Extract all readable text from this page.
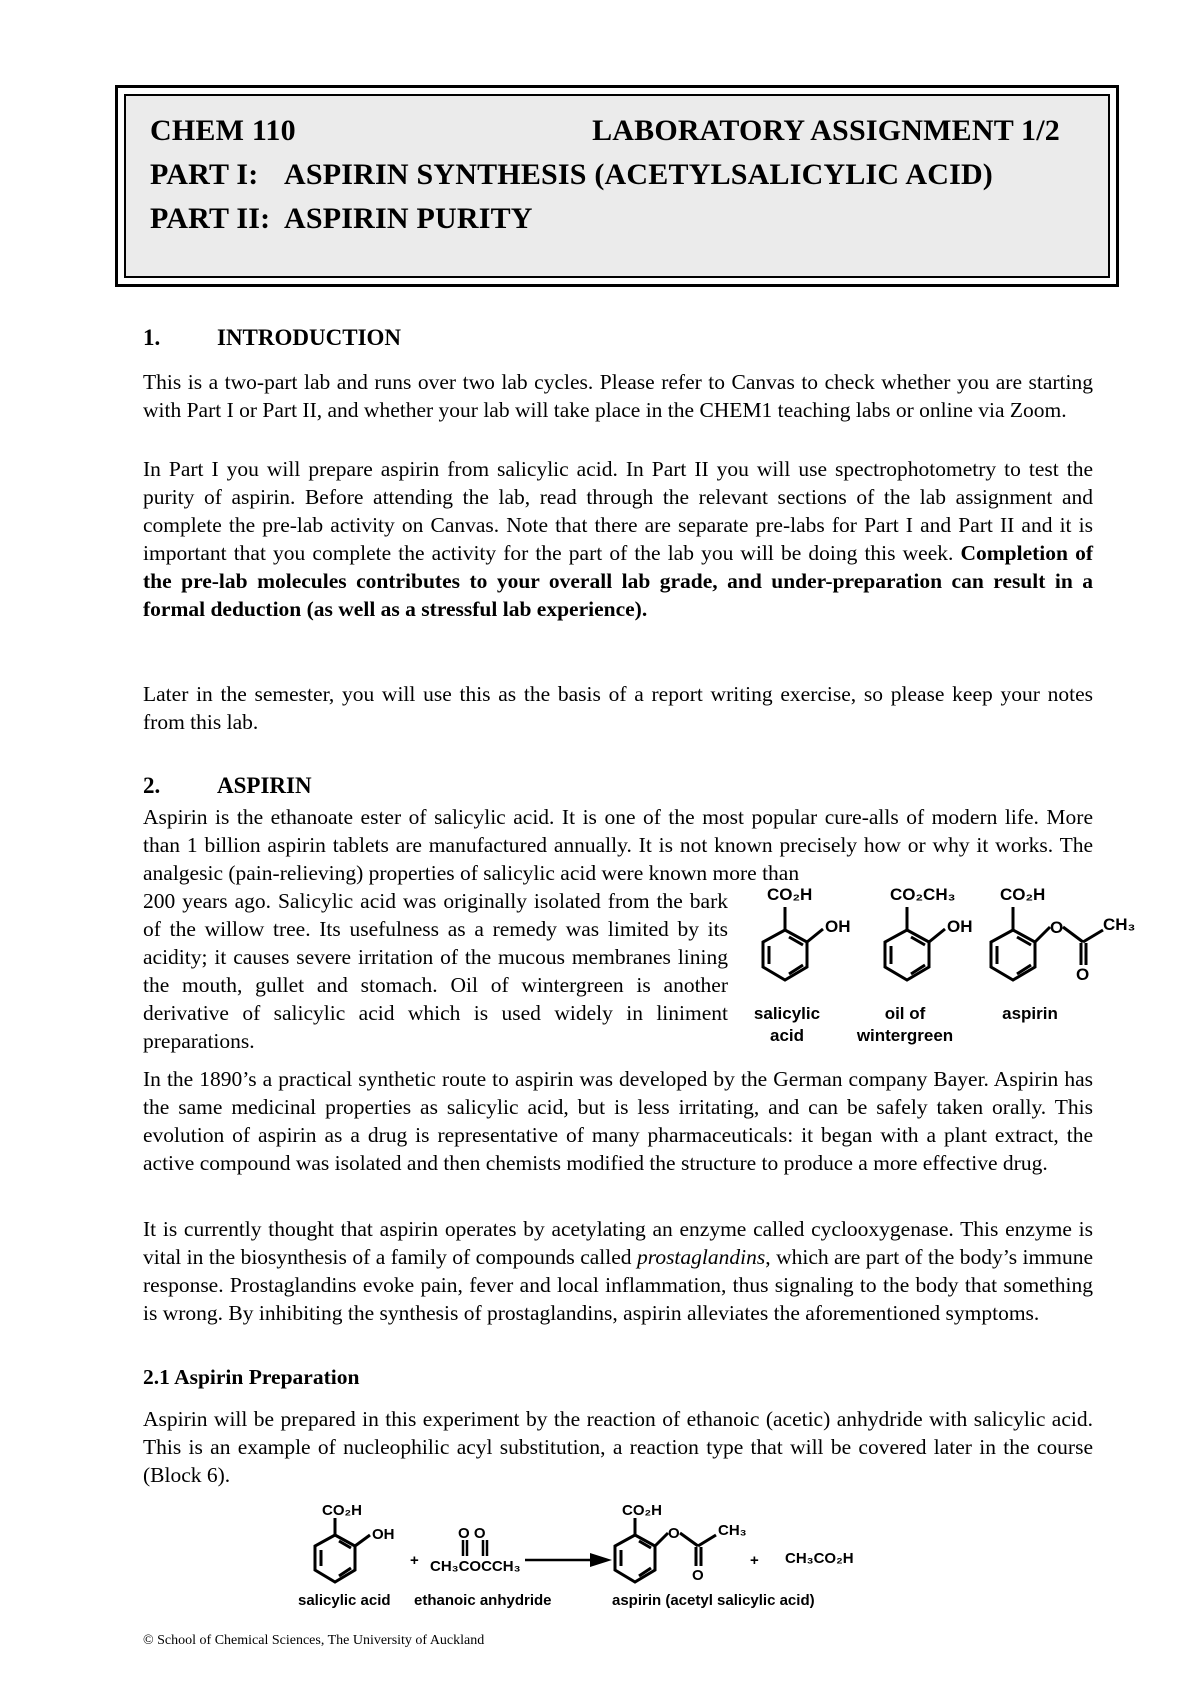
CHEM 110	LABORATORY ASSIGNMENT 1/2
PART I: ASPIRIN SYNTHESIS (ACETYLSALICYLIC ACID)
PART II: ASPIRIN PURITY
1. INTRODUCTION
This is a two-part lab and runs over two lab cycles. Please refer to Canvas to check whether you are starting with Part I or Part II, and whether your lab will take place in the CHEM1 teaching labs or online via Zoom.
In Part I you will prepare aspirin from salicylic acid. In Part II you will use spectrophotometry to test the purity of aspirin. Before attending the lab, read through the relevant sections of the lab assignment and complete the pre-lab activity on Canvas. Note that there are separate pre-labs for Part I and Part II and it is important that you complete the activity for the part of the lab you will be doing this week. Completion of the pre-lab molecules contributes to your overall lab grade, and under-preparation can result in a formal deduction (as well as a stressful lab experience).
Later in the semester, you will use this as the basis of a report writing exercise, so please keep your notes from this lab.
2. ASPIRIN
Aspirin is the ethanoate ester of salicylic acid. It is one of the most popular cure-alls of modern life. More than 1 billion aspirin tablets are manufactured annually. It is not known precisely how or why it works. The analgesic (pain-relieving) properties of salicylic acid were known more than
200 years ago. Salicylic acid was originally isolated from the bark of the willow tree. Its usefulness as a remedy was limited by its acidity; it causes severe irritation of the mucous membranes lining the mouth, gullet and stomach. Oil of wintergreen is another derivative of salicylic acid which is used widely in liniment preparations.
O
O
CO₂H
OH
CO₂CH₃
OH
CO₂H
CH₃
salicylic
acid
oil of
wintergreen
aspirin
In the 1890’s a practical synthetic route to aspirin was developed by the German company Bayer. Aspirin has the same medicinal properties as salicylic acid, but is less irritating, and can be safely taken orally. This evolution of aspirin as a drug is representative of many pharmaceuticals: it began with a plant extract, the active compound was isolated and then chemists modified the structure to produce a more effective drug.
It is currently thought that aspirin operates by acetylating an enzyme called cyclooxygenase. This enzyme is vital in the biosynthesis of a family of compounds called prostaglandins, which are part of the body’s immune response. Prostaglandins evoke pain, fever and local inflammation, thus signaling to the body that something is wrong. By inhibiting the synthesis of prostaglandins, aspirin alleviates the aforementioned symptoms.
2.1 Aspirin Preparation
Aspirin will be prepared in this experiment by the reaction of ethanoic (acetic) anhydride with salicylic acid. This is an example of nucleophilic acyl substitution, a reaction type that will be covered later in the course (Block 6).
O O	O
O
CO₂H
OH
+ CH₃COCCH₃
CO₂H
CH₃
+ CH₃CO₂H
salicylic acid ethanoic anhydride	aspirin (acetyl salicylic acid)
© School of Chemical Sciences, The University of Auckland
